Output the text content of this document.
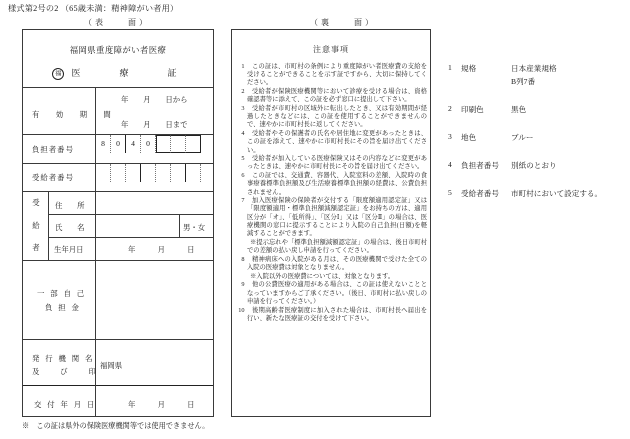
様式第2号の2 （65歳未満：精神障がい者用）
（表　　面）	（裏　　面）
福岡県重度障がい者医療
福 医　　療　　証
有　効　期　間
年　　月　　日から
年　　月　　日まで
負担者番号
8	0	4	0
受給者番号
受
給
者
住　　所
氏　　名	男・女
生年月日	年　　　月　　　日
一 部 自 己
負 担 金
発 行 機 関 名
及　　び　　印
福岡県
交 付 年 月 日	年　　　月　　　日
※　この証は県外の保険医療機関等では使用できません。
注意事項
1	この証は、市町村の条例により重度障がい者医療費の支給を受けることができることを示す証ですから、大切に保持してください。
2	受給者が保険医療機関等において診療を受ける場合は、資格確認書等に添えて、この証を必ず窓口に提出して下さい。
3	受給者が市町村の区域外に転出したとき、又は有効期間が経過したときなどには、この証を使用することができませんので、速やかに市町村長に返してください。
4	受給者やその保護者の氏名や居住地に変更があったときは、この証を添えて、速やかに市町村長にその旨を届け出てください。
5	受給者が加入している医療保険又はその内容などに変更があったときは、速やかに市町村長にその旨を届け出てください。
6	この証では、交通費、容器代、入院室料の差額、入院時の食事療養標準負担額及び生活療養標準負担額の経費は、公費負担されません。
7	加入医療保険の保険者が交付する「限度額適用認定証」又は「限度額適用・標準負担額減額認定証」をお持ちの方は、適用区分が「オ」、「低所得」、「区分Ⅰ」又は「区分Ⅱ」の場合は、医療機関の窓口に提示することにより入院の自己負担(日額)を軽減することができます。
※提示忘れや「標準負担額減額認定証」の場合は、後日市町村での差額の払い戻し申請を行ってください。
8	精神病床への入院がある月は、その医療機関で受けた全ての入院の医療費は対象となりません。
※入院以外の医療費については、対象となります。
9	他の公費医療の適用がある場合は、この証は使えないこととなっていますからご了承ください。（後日、市町村に払い戻しの申請を行ってください。）
10	後期高齢者医療制度に加入された場合は、市町村長へ届出を行い、新たな医療証の交付を受けて下さい。
1	規格	日本産業規格
B列7番
2	印刷色	黒色
3	地色	ブルー
4	負担者番号	別紙のとおり
5	受給者番号	市町村において設定する。
